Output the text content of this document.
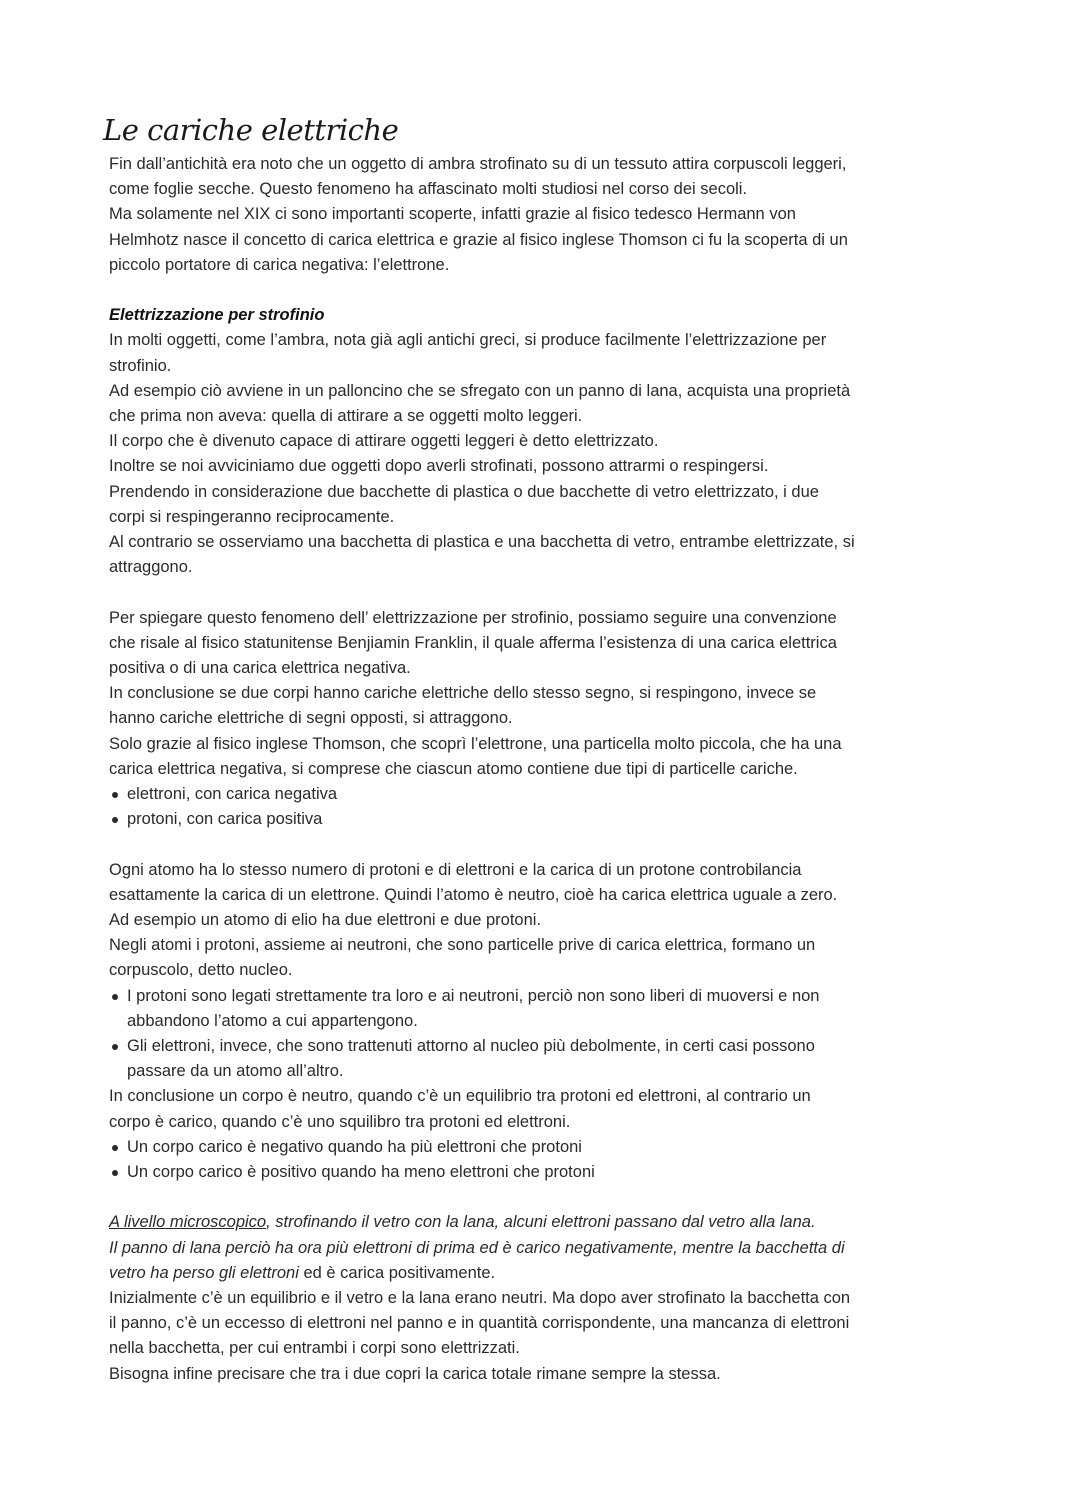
Le cariche elettriche

Fin dall’antichità era noto che un oggetto di ambra strofinato su di un tessuto attira corpuscoli leggeri,
come foglie secche. Questo fenomeno ha affascinato molti studiosi nel corso dei secoli.
Ma solamente nel XIX ci sono importanti scoperte, infatti grazie al fisico tedesco Hermann von
Helmhotz nasce il concetto di carica elettrica e grazie al fisico inglese Thomson ci fu la scoperta di un
piccolo portatore di carica negativa: l’elettrone.

Elettrizzazione per strofinio
In molti oggetti, come l’ambra, nota già agli antichi greci, si produce facilmente l’elettrizzazione per
strofinio.
Ad esempio ciò avviene in un palloncino che se sfregato con un panno di lana, acquista una proprietà
che prima non aveva: quella di attirare a se oggetti molto leggeri.
Il corpo che è divenuto capace di attirare oggetti leggeri è detto elettrizzato.
Inoltre se noi avviciniamo due oggetti dopo averli strofinati, possono attrarmi o respingersi.
Prendendo in considerazione due bacchette di plastica o due bacchette di vetro elettrizzato, i due
corpi si respingeranno reciprocamente.
Al contrario se osserviamo una bacchetta di plastica e una bacchetta di vetro, entrambe elettrizzate, si
attraggono.

Per spiegare questo fenomeno dell’ elettrizzazione per strofinio, possiamo seguire una convenzione
che risale al fisico statunitense Benjiamin Franklin, il quale afferma l’esistenza di una carica elettrica
positiva o di una carica elettrica negativa.
In conclusione se due corpi hanno cariche elettriche dello stesso segno, si respingono, invece se
hanno cariche elettriche di segni opposti, si attraggono.
Solo grazie al fisico inglese Thomson, che scoprì l’elettrone, una particella molto piccola, che ha una
carica elettrica negativa, si comprese che ciascun atomo contiene due tipi di particelle cariche.
elettroni, con carica negativa
protoni, con carica positiva

Ogni atomo ha lo stesso numero di protoni e di elettroni e la carica di un protone controbilancia
esattamente la carica di un elettrone. Quindi l’atomo è neutro, cioè ha carica elettrica uguale a zero.
Ad esempio un atomo di elio ha due elettroni e due protoni.
Negli atomi i protoni, assieme ai neutroni, che sono particelle prive di carica elettrica, formano un
corpuscolo, detto nucleo.
I protoni sono legati strettamente tra loro e ai neutroni, perciò non sono liberi di muoversi e non
abbandono l’atomo a cui appartengono.
Gli elettroni, invece, che sono trattenuti attorno al nucleo più debolmente, in certi casi possono
passare da un atomo all’altro.
In conclusione un corpo è neutro, quando c’è un equilibrio tra protoni ed elettroni, al contrario un
corpo è carico, quando c’è uno squilibro tra protoni ed elettroni.
Un corpo carico è negativo quando ha più elettroni che protoni
Un corpo carico è positivo quando ha meno elettroni che protoni

A livello microscopico, strofinando il vetro con la lana, alcuni elettroni passano dal vetro alla lana.
Il panno di lana perciò ha ora più elettroni di prima ed è carico negativamente, mentre la bacchetta di
vetro ha perso gli elettroni ed è carica positivamente.
Inizialmente c’è un equilibrio e il vetro e la lana erano neutri. Ma dopo aver strofinato la bacchetta con
il panno, c’è un eccesso di elettroni nel panno e in quantità corrispondente, una mancanza di elettroni
nella bacchetta, per cui entrambi i corpi sono elettrizzati.
Bisogna infine precisare che tra i due copri la carica totale rimane sempre la stessa.
